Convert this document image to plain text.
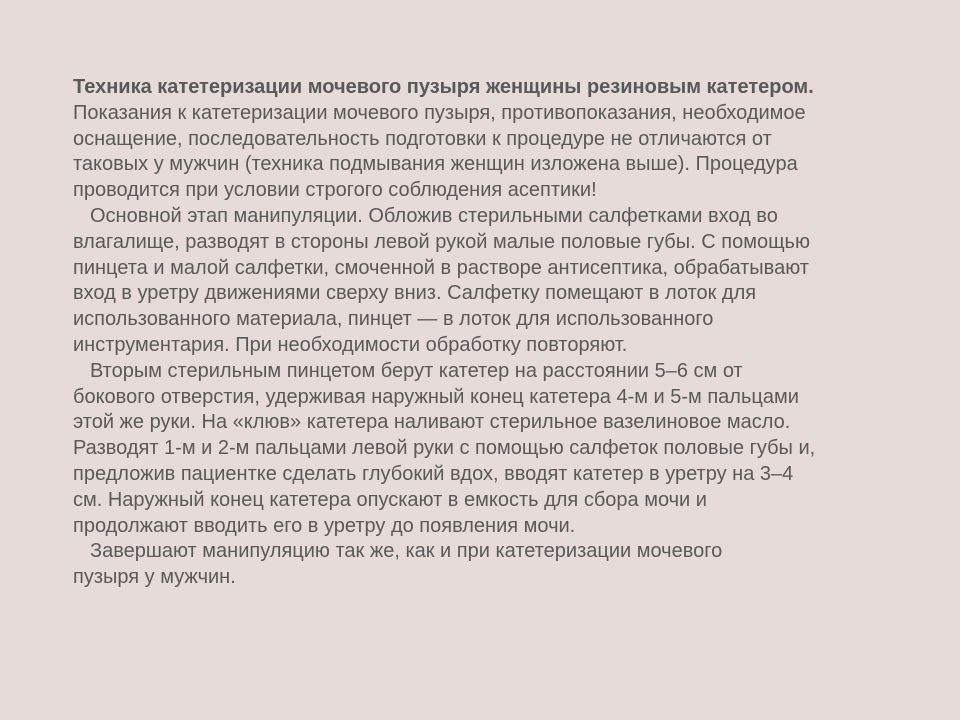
Техника катетеризации мочевого пузыря женщины резиновым катетером.
Показания к катетеризации мочевого пузыря, противопоказания, необходимое
оснащение, последовательность подготовки к процедуре не отличаются от
таковых у мужчин (техника подмывания женщин изложена выше). Процедура
проводится при условии строгого соблюдения асептики!
Основной этап манипуляции. Обложив стерильными салфетками вход во
влагалище, разводят в стороны левой рукой малые половые губы. С помощью
пинцета и малой салфетки, смоченной в растворе антисептика, обрабатывают
вход в уретру движениями сверху вниз. Салфетку помещают в лоток для
использованного материала, пинцет — в лоток для использованного
инструментария. При необходимости обработку повторяют.
Вторым стерильным пинцетом берут катетер на расстоянии 5–6 см от
бокового отверстия, удерживая наружный конец катетера 4-м и 5-м пальцами
этой же руки. На «клюв» катетера наливают стерильное вазелиновое масло.
Разводят 1-м и 2-м пальцами левой руки с помощью салфеток половые губы и,
предложив пациентке сделать глубокий вдох, вводят катетер в уретру на 3–4
см. Наружный конец катетера опускают в емкость для сбора мочи и
продолжают вводить его в уретру до появления мочи.
Завершают манипуляцию так же, как и при катетеризации мочевого
пузыря у мужчин.
